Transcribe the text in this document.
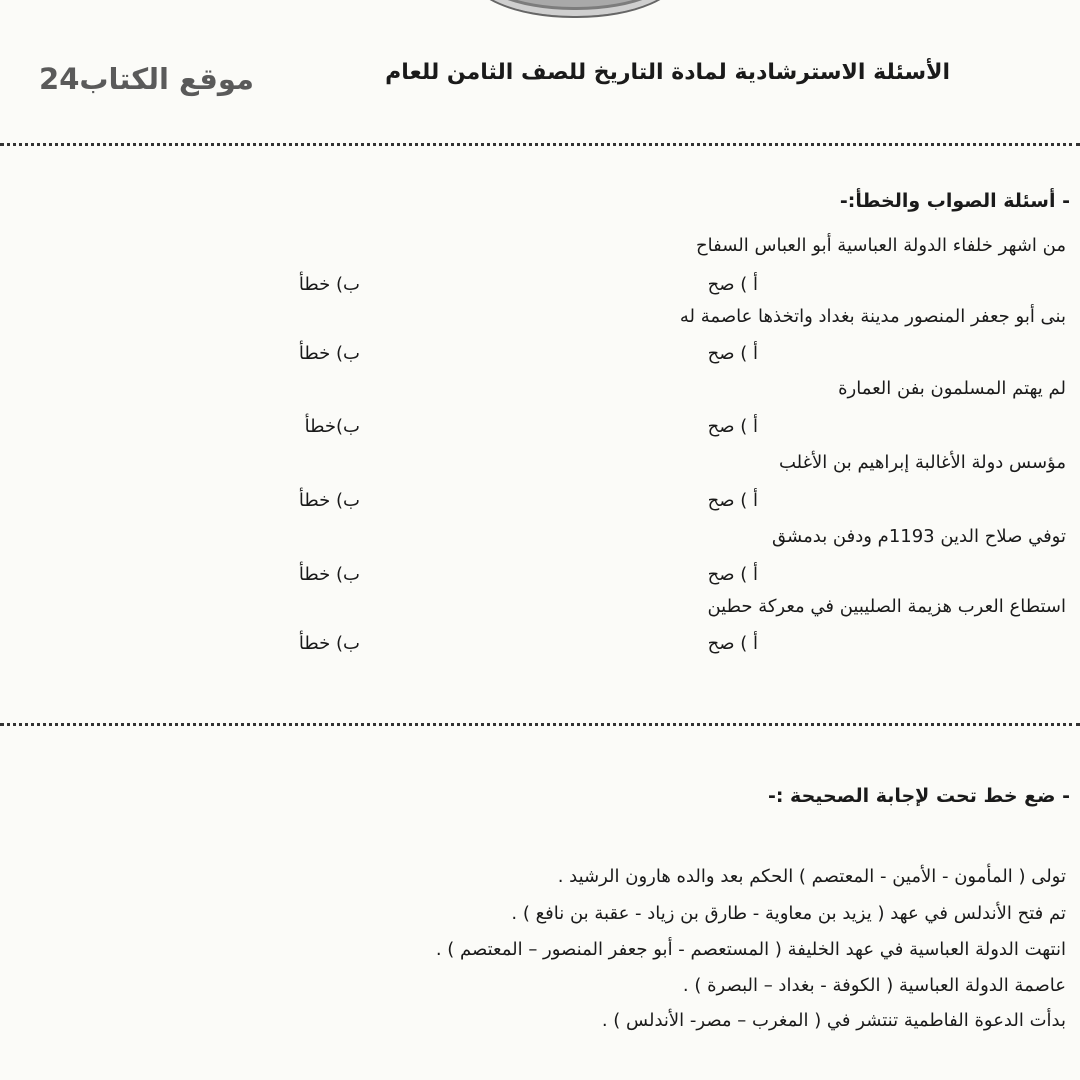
موقع الكتاب24	الأسئلة الاسترشادية لمادة التاريخ للصف الثامن للعام
- أسئلة الصواب والخطأ:-
من اشهر خلفاء الدولة العباسية أبو العباس السفاح
أ ) صح
ب) خطأ
بنى أبو جعفر المنصور مدينة بغداد واتخذها عاصمة له
أ ) صح
ب) خطأ
لم يهتم المسلمون بفن العمارة
أ ) صح
ب)خطأ
مؤسس دولة الأغالبة إبراهيم بن الأغلب
أ ) صح
ب) خطأ
توفي صلاح الدين 1193م ودفن بدمشق
أ ) صح
ب) خطأ
استطاع العرب هزيمة الصليبين في معركة حطين
أ ) صح
ب) خطأ
- ضع خط تحت لإجابة الصحيحة :-
تولى ( المأمون - الأمين - المعتصم ) الحكم بعد والده هارون الرشيد .
تم فتح الأندلس في عهد ( يزيد بن معاوية - طارق بن زياد - عقبة بن نافع ) .
انتهت الدولة العباسية في عهد الخليفة ( المستعصم - أبو جعفر المنصور – المعتصم ) .
عاصمة الدولة العباسية ( الكوفة - بغداد – البصرة ) .
بدأت الدعوة الفاطمية تنتشر في ( المغرب – مصر- الأندلس ) .
